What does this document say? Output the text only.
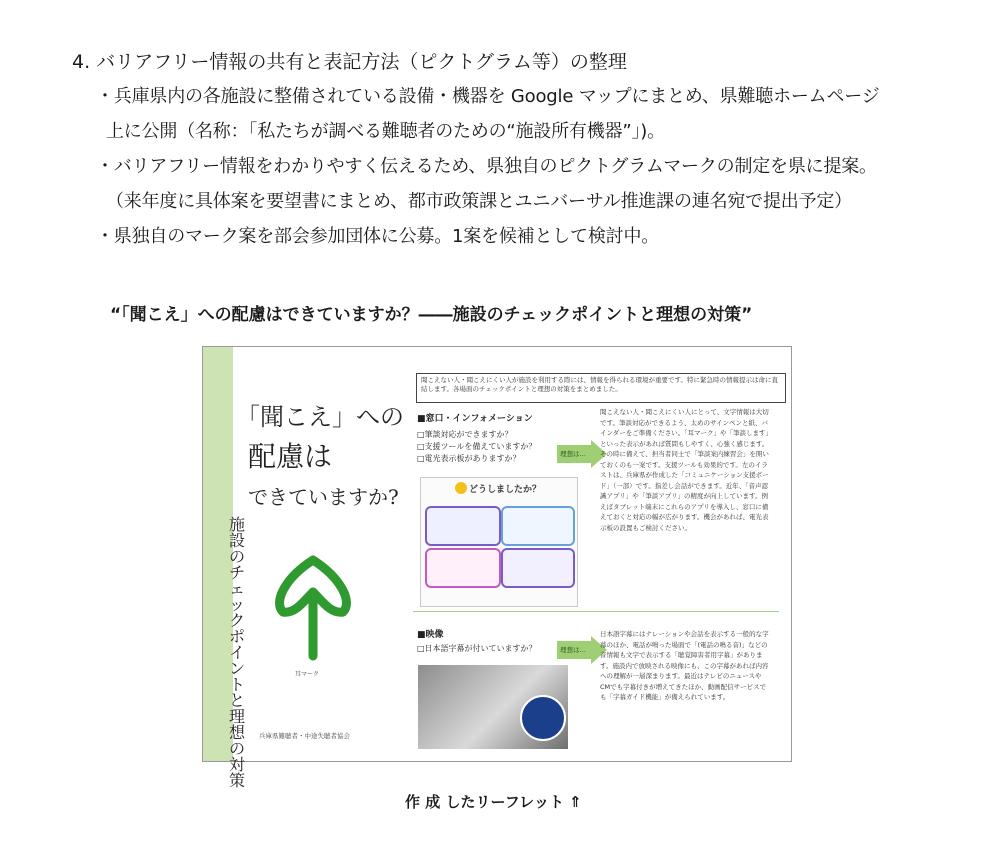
4. バリアフリー情報の共有と表記方法（ピクトグラム等）の整理
・兵庫県内の各施設に整備されている設備・機器を Google マップにまとめ、県難聴ホームページ
上に公開（名称：「私たちが調べる難聴者のための“施設所有機器”」)。
・バリアフリー情報をわかりやすく伝えるため、県独自のピクトグラムマークの制定を県に提案。
（来年度に具体案を要望書にまとめ、都市政策課とユニバーサル推進課の連名宛で提出予定）
・県独自のマーク案を部会参加団体に公募。1案を候補として検討中。
“「聞こえ」への配慮はできていますか？――施設のチェックポイントと理想の対策”
「聞こえ」への
配慮は
できていますか?
施設のチェックポイントと理想の対策
耳マーク
兵庫県難聴者・中途失聴者協会
聞こえない人・聞こえにくい人が施設を利用する際には、情報を得られる環境が重要です。特に緊急時の情報提示は命に直結します。各場面のチェックポイントと理想の対策をまとめました。
■窓口・インフォメーション
□筆談対応ができますか？
□支援ツールを備えていますか？
□電光表示板がありますか？	理想は…
どうしましたか？
聞こえない人・聞こえにくい人にとって、文字情報は大切です。筆談対応ができるよう、太めのサインペンと紙、バインダーをご準備ください。「耳マーク」や「筆談します」といった表示があれば質問もしやすく、心強く感じます。その時に備えて、担当者同士で「筆談案内練習会」を開いておくのも一案です。支援ツールも効果的です。左のイラストは、兵庫県が作成した「コミュニケーション支援ボード」（一部）です。指差し会話ができます。近年、「音声認識アプリ」や「筆談アプリ」の精度が向上しています。例えばタブレット端末にこれらのアプリを導入し、窓口に備えておくと対応の幅が広がります。機会があれば、電光表示板の設置もご検討ください。
■映像
□日本語字幕が付いていますか？	理想は…
日本語字幕にはナレーションや会話を表示する一般的な字幕のほか、電話が鳴った場面で「(電話の鳴る音)」などの音情報も文字で表示する「聴覚障害者用字幕」があります。施設内で放映される映像にも、この字幕があれば内容への理解が一層深まります。最近はテレビのニュースやCMでも字幕付きが増えてきたほか、動画配信サービスでも「字幕ガイド機能」が備えられています。
作 成 したリーフレット ⇑
